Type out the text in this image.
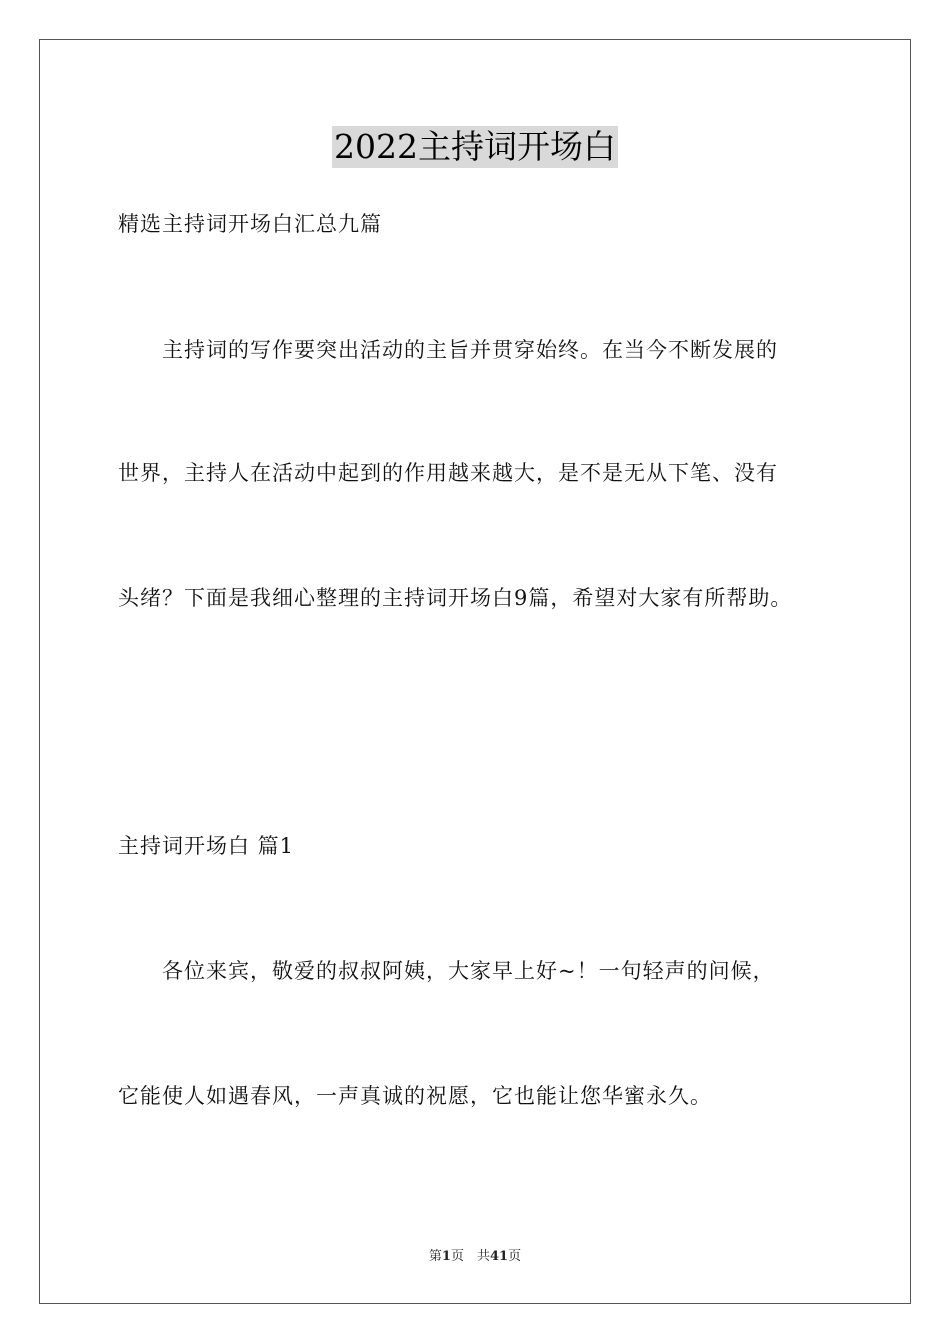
2022主持词开场白
精选主持词开场白汇总九篇
　　主持词的写作要突出活动的主旨并贯穿始终。在当今不断发展的
世界，主持人在活动中起到的作用越来越大，是不是无从下笔、没有
头绪？下面是我细心整理的主持词开场白9篇，希望对大家有所帮助。
主持词开场白 篇1
　　各位来宾，敬爱的叔叔阿姨，大家早上好~！一句轻声的问候，
它能使人如遇春风，一声真诚的祝愿，它也能让您华蜜永久。
第1页　共41页
